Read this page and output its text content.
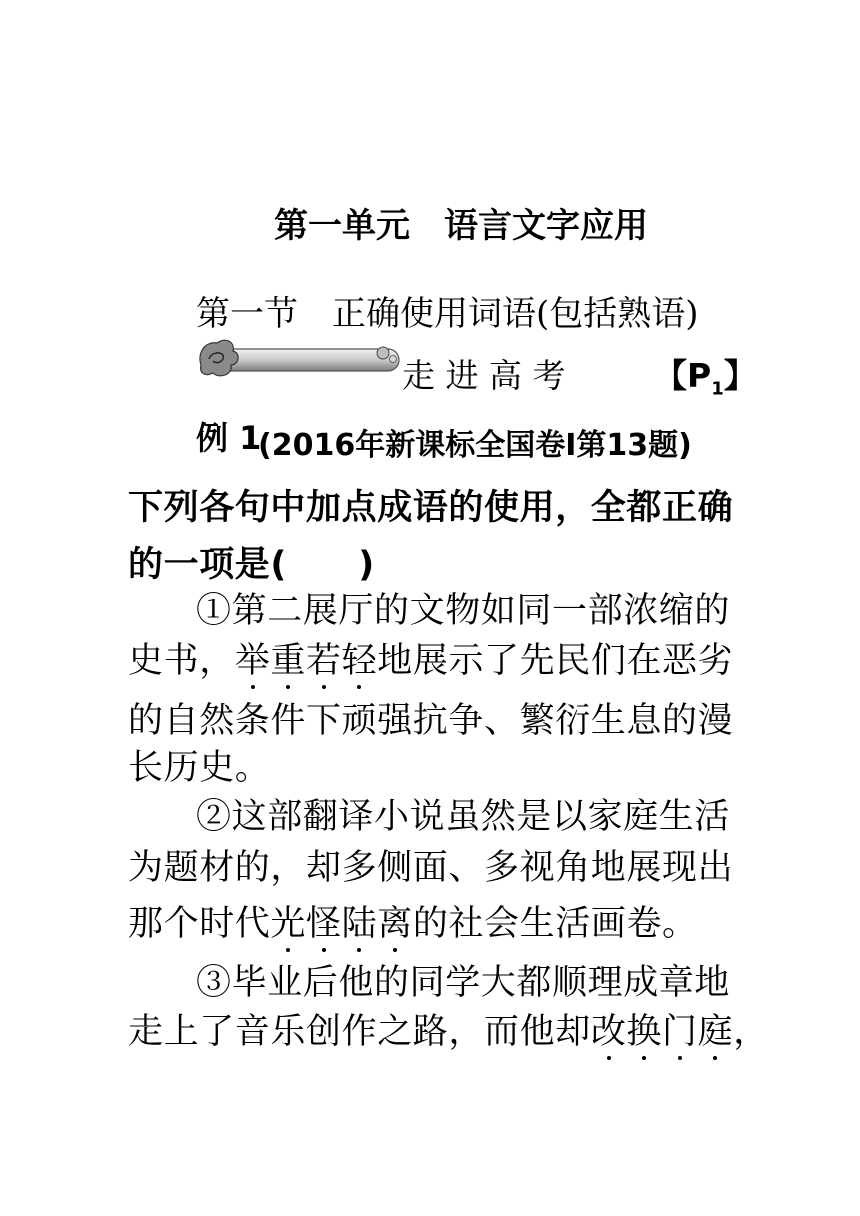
第一单元　语言文字应用
第一节　正确使用词语(包括熟语)
走 进 高 考	【$P_1$】
例 1
(2016年新课标全国卷Ⅰ第13题)
下列各句中加点成语的使用，全都正确
的一项是(　　)
①第二展厅的文物如同一部浓缩的
史书，举重若轻地展示了先民们在恶劣
的自然条件下顽强抗争、繁衍生息的漫
长历史。
②这部翻译小说虽然是以家庭生活
为题材的，却多侧面、多视角地展现出
那个时代光怪陆离的社会生活画卷。
③毕业后他的同学大都顺理成章地
走上了音乐创作之路，而他却改换门庭，
